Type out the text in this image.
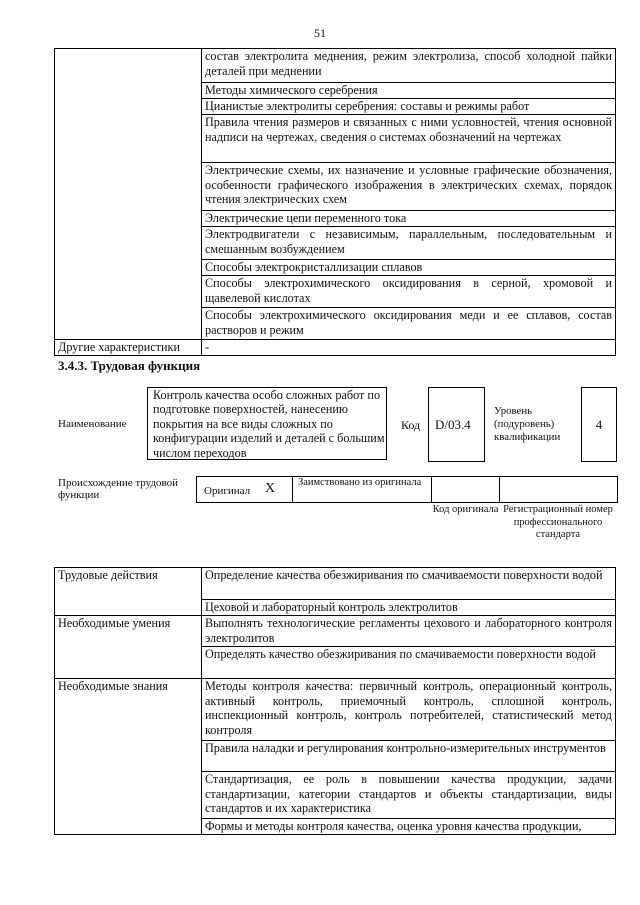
51
	состав электролита меднения, режим электролиза, способ холодной пайки деталей при меднении
	Методы химического серебрения
	Цианистые электролиты серебрения: составы и режимы работ
	Правила чтения размеров и связанных с ними условностей, чтения основной надписи на чертежах, сведения о системах обозначений на чертежах
	Электрические схемы, их назначение и условные графические обозначения, особенности графического изображения в электрических схемах, порядок чтения электрических схем
	Электрические цепи переменного тока
	Электродвигатели с независимым, параллельным, последовательным и смешанным возбуждением
	Способы электрокристаллизации сплавов
	Способы электрохимического оксидирования в серной, хромовой и щавелевой кислотах
	Способы электрохимического оксидирования меди и ее сплавов, состав растворов и режим
Другие характеристики	-
3.4.3. Трудовая функция
Наименование
Контроль качества особо сложных работ по подготовке поверхностей, нанесению покрытия на все виды сложных по конфигурации изделий и деталей с большим числом переходов
Код D/03.4
Уровень (подуровень) квалификации
4
Происхождение трудовой функции	Оригинал X Заимствовано из оригинала
Код оригинала Регистрационный номер профессионального стандарта
Трудовые действия	Определение качества обезжиривания по смачиваемости поверхности водой
	Цеховой и лабораторный контроль электролитов
Необходимые умения	Выполнять технологические регламенты цехового и лабораторного контроля электролитов
	Определять качество обезжиривания по смачиваемости поверхности водой
Необходимые знания	Методы контроля качества: первичный контроль, операционный контроль, активный контроль, приемочный контроль, сплошной контроль, инспекционный контроль, контроль потребителей, статистический метод контроля
	Правила наладки и регулирования контрольно-измерительных инструментов
	Стандартизация, ее роль в повышении качества продукции, задачи стандартизации, категории стандартов и объекты стандартизации, виды стандартов и их характеристика
	Формы и методы контроля качества, оценка уровня качества продукции,
